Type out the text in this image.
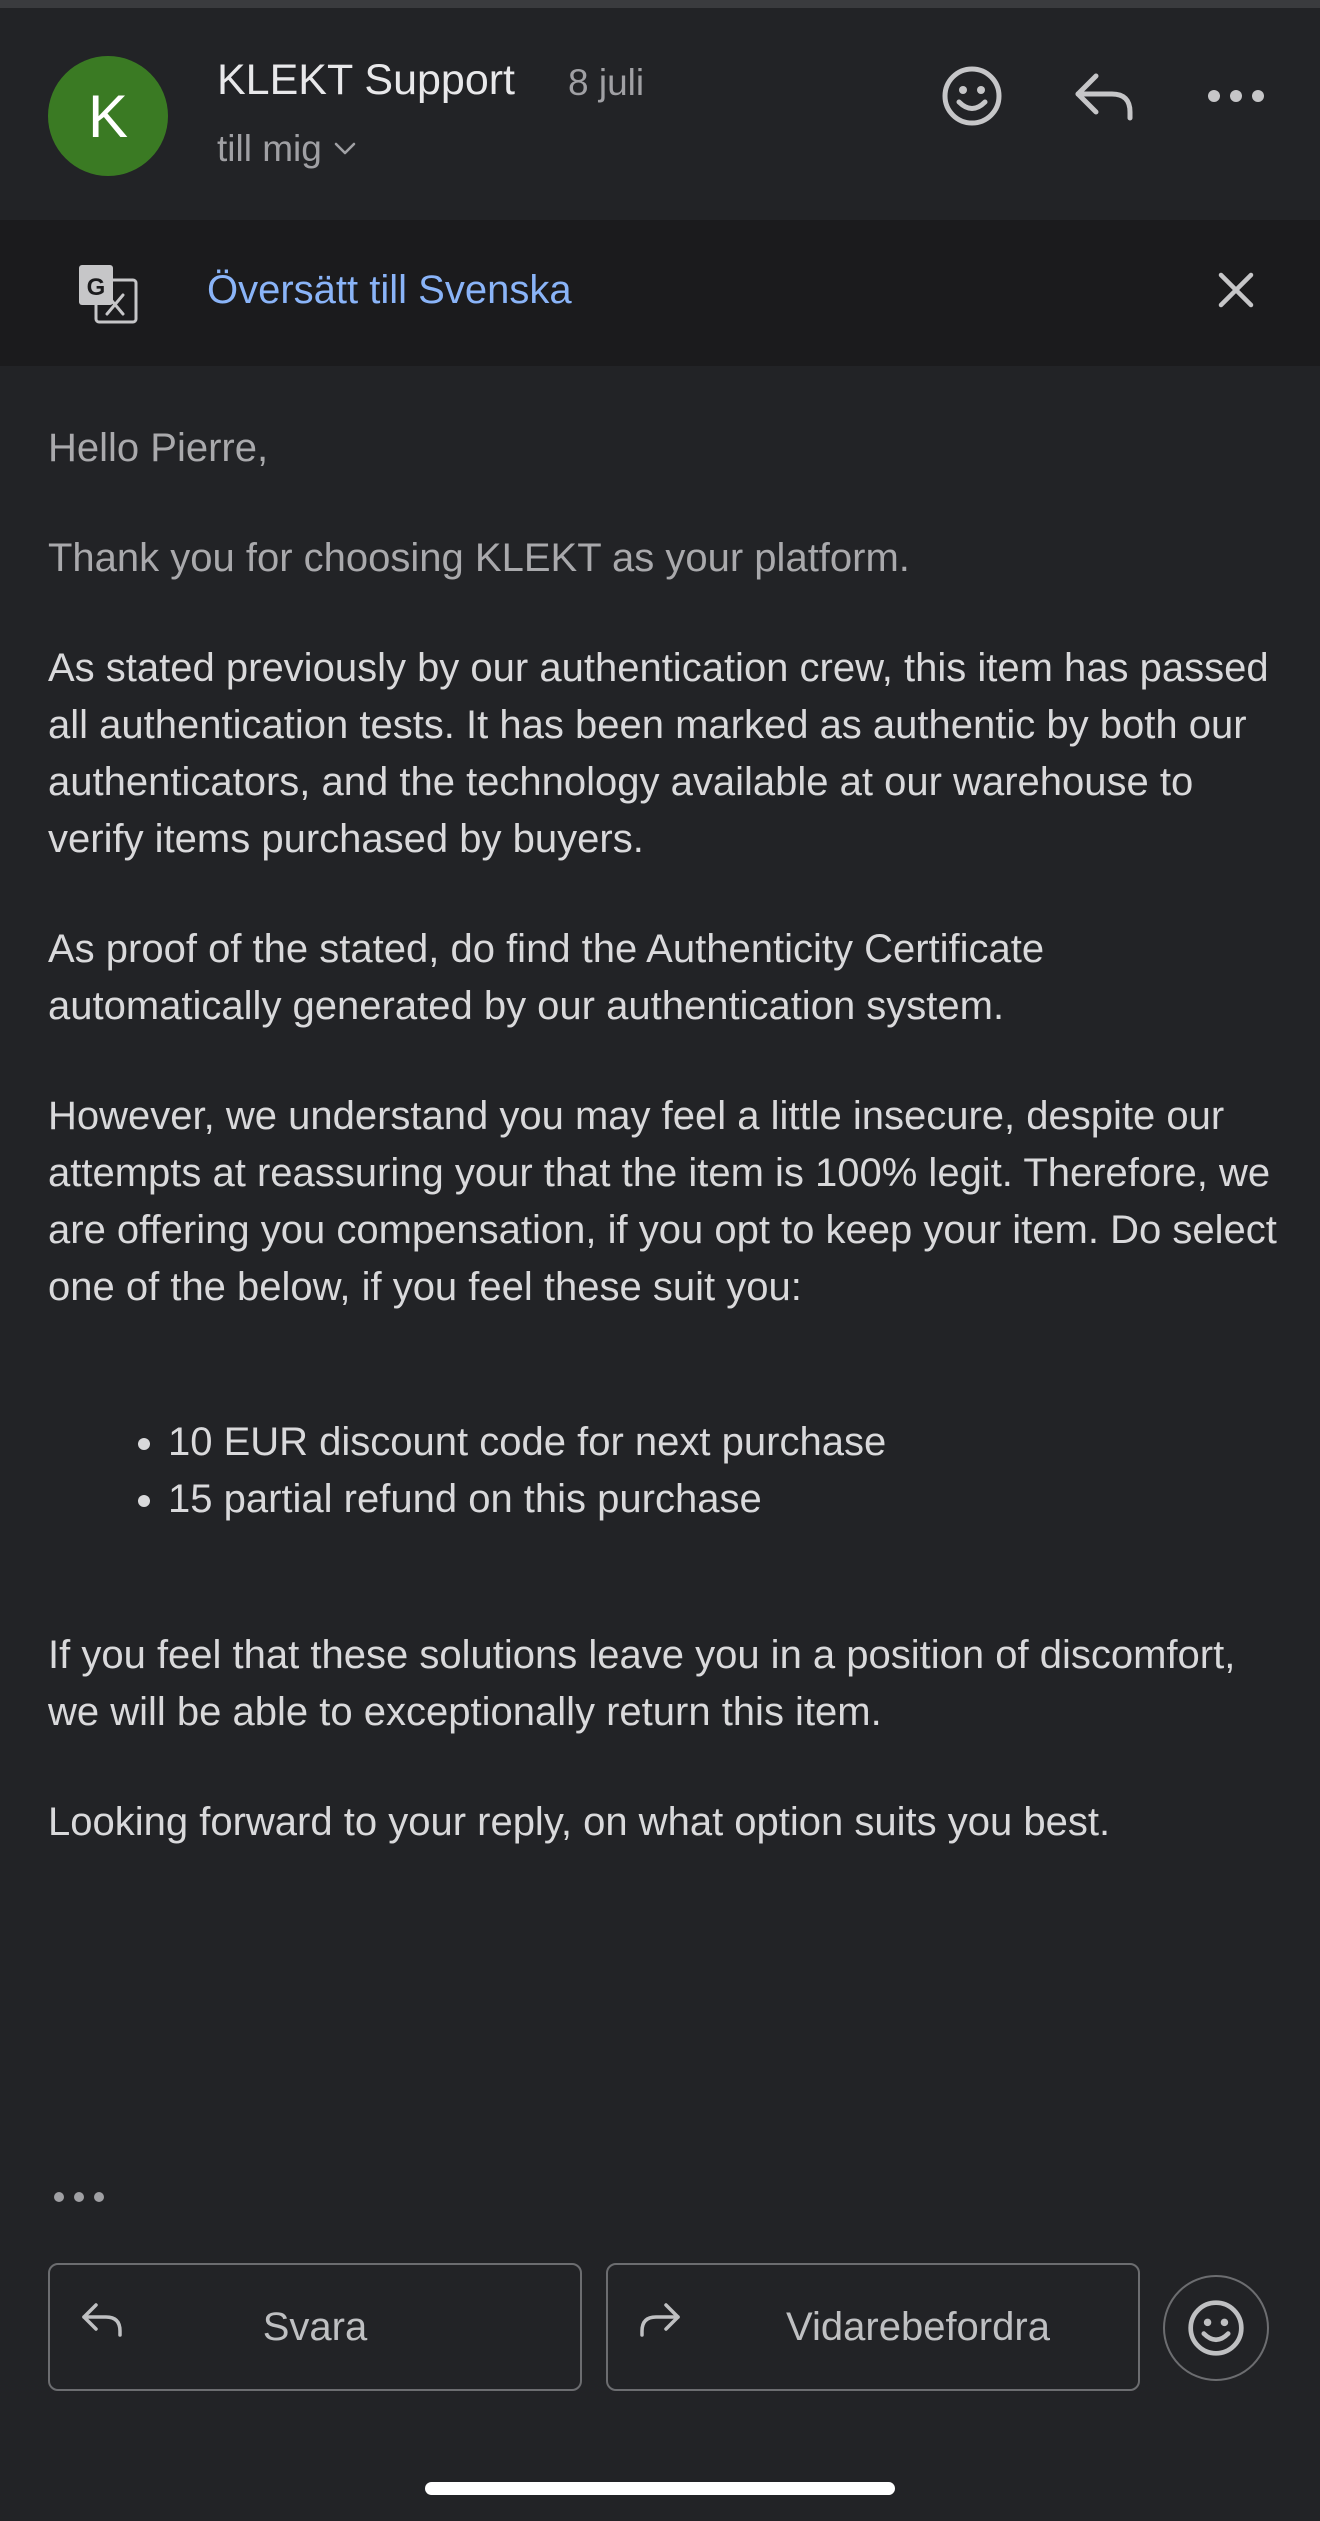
K
KLEKT Support 8 juli
till mig
G	Översätt till Svenska

Hello Pierre,

Thank you for choosing KLEKT as your platform.

As stated previously by our authentication crew, this item has passed all authentication tests. It has been marked as authentic by both our authenticators, and the technology available at our warehouse to verify items purchased by buyers.

As proof of the stated, do find the Authenticity Certificate automatically generated by our authentication system.

However, we understand you may feel a little insecure, despite our attempts at reassuring your that the item is 100% legit. Therefore, we are offering you compensation, if you opt to keep your item. Do select one of the below, if you feel these suit you:

• 10 EUR discount code for next purchase
• 15 partial refund on this purchase

If you feel that these solutions leave you in a position of discomfort, we will be able to exceptionally return this item.

Looking forward to your reply, on what option suits you best.

Svara	Vidarebefordra
